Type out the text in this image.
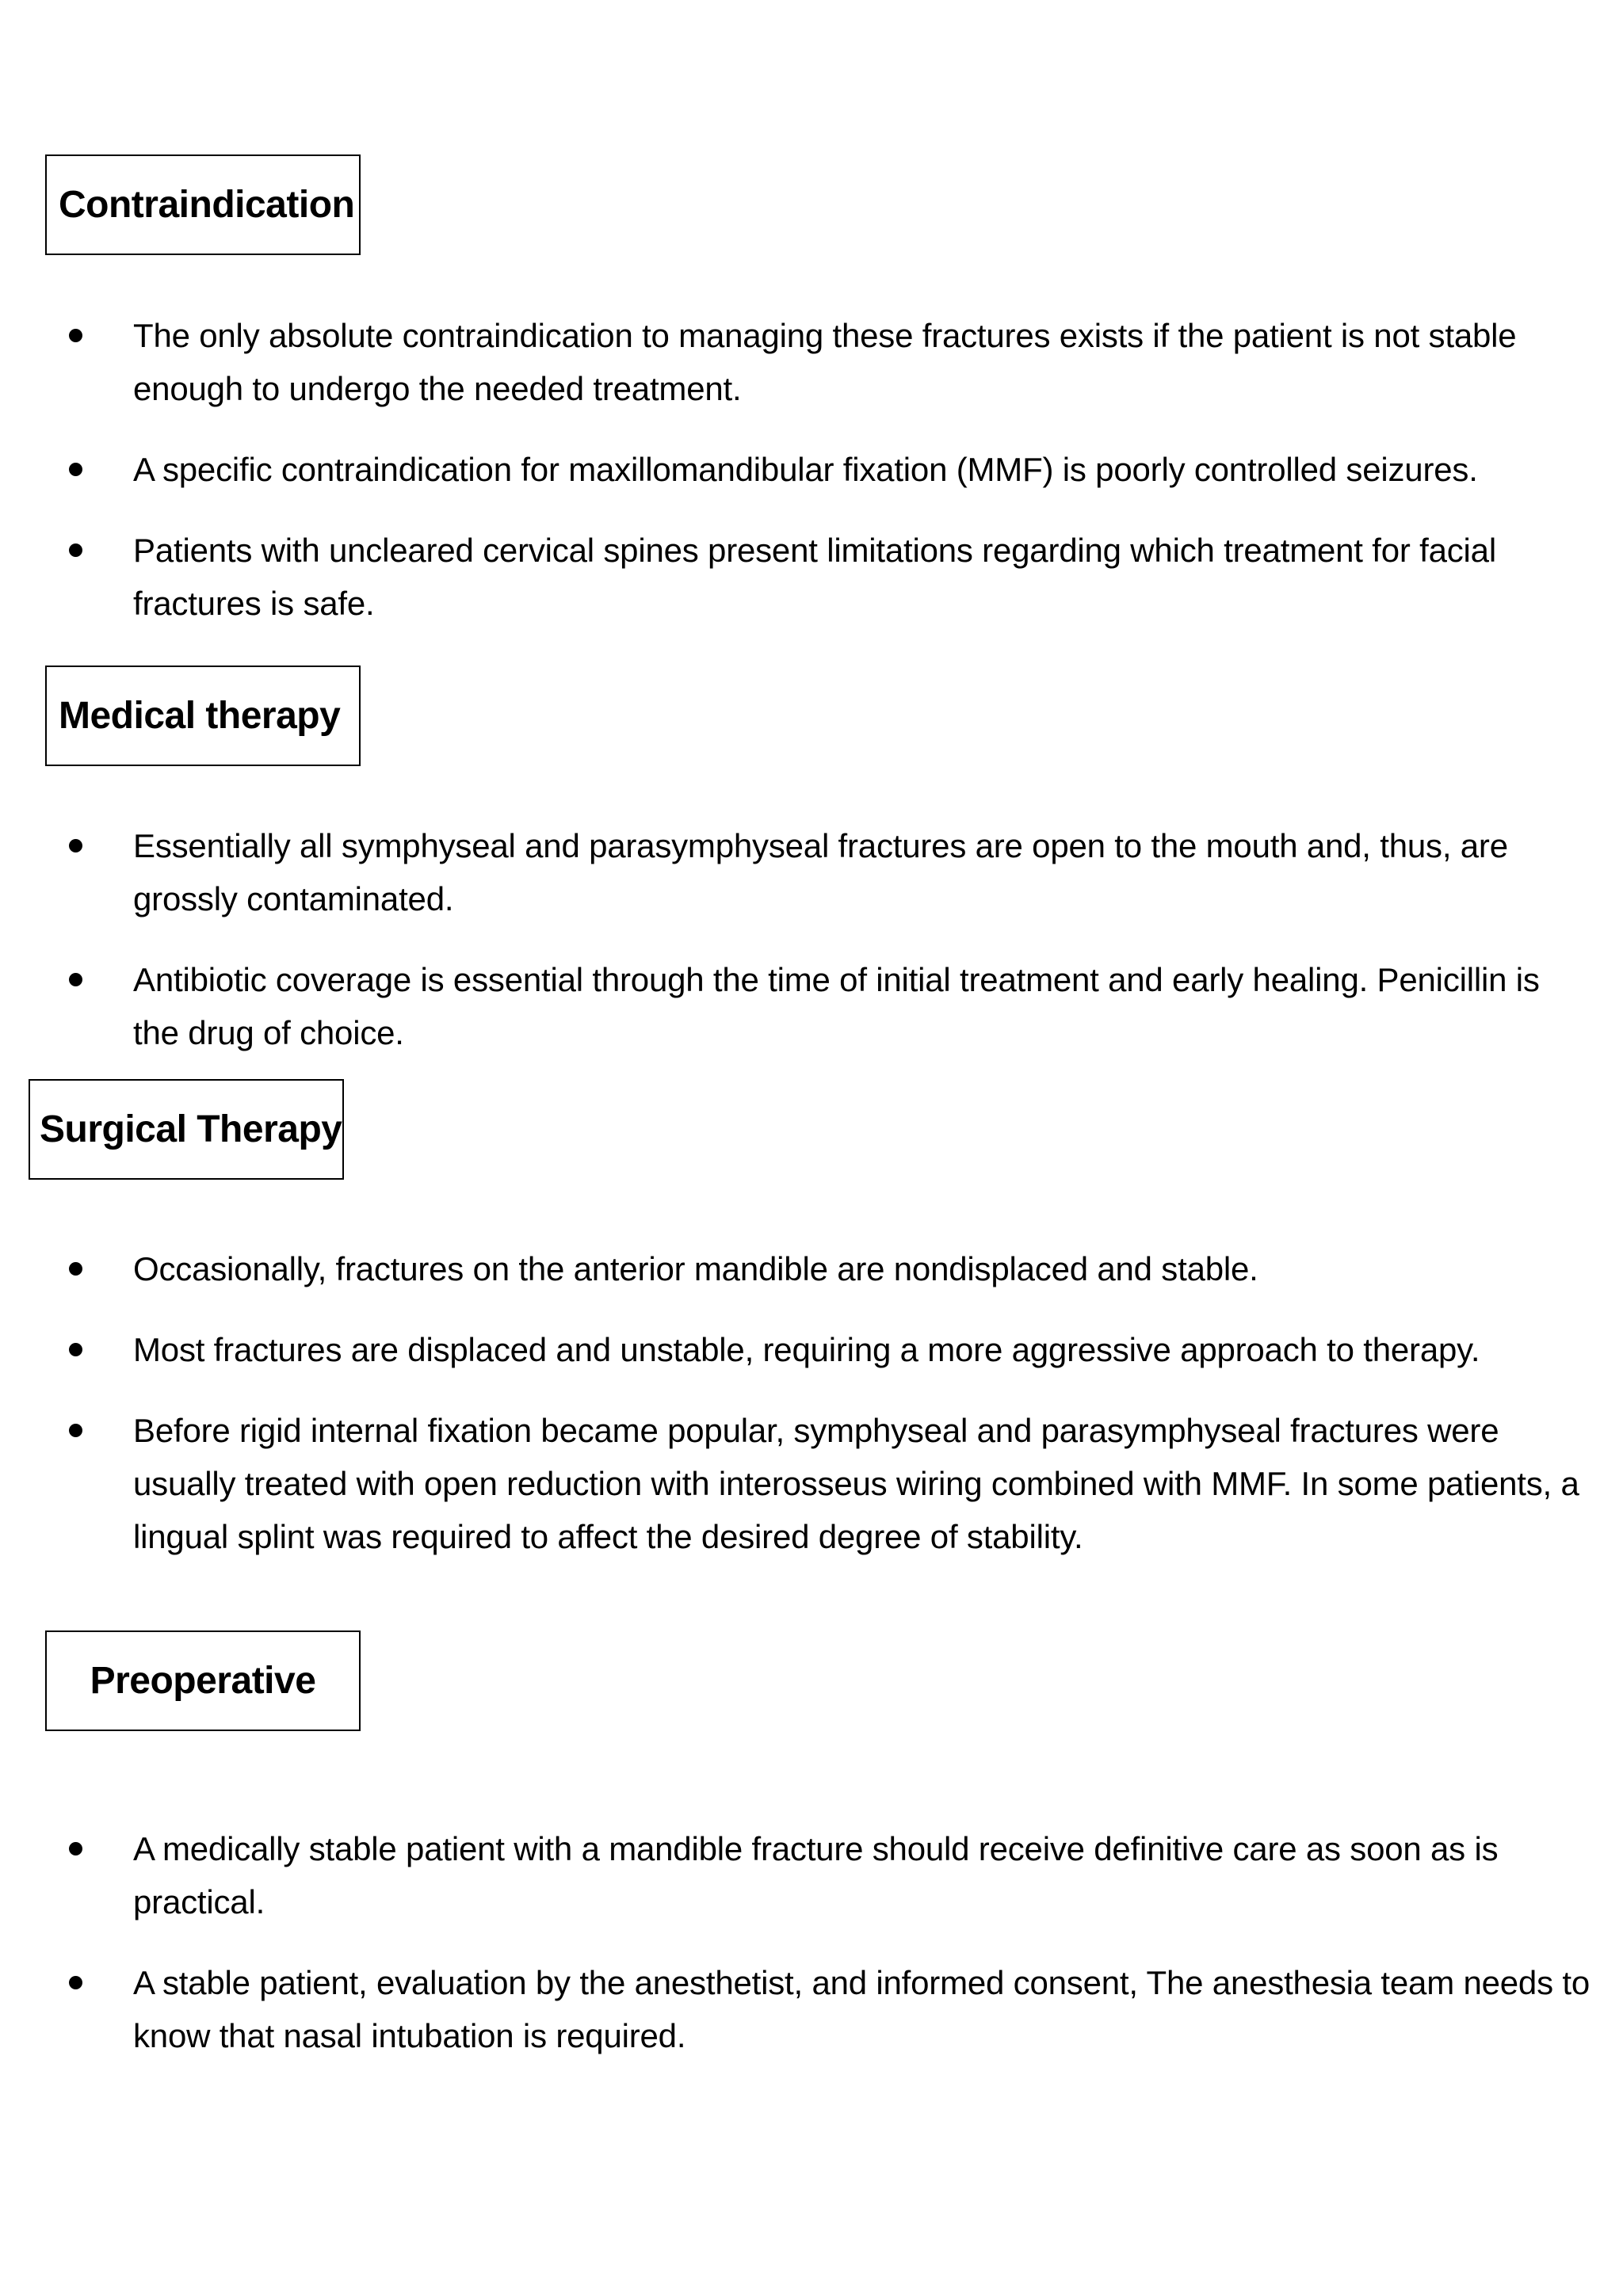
Contraindication
The only absolute contraindication to managing these fractures exists if the patient is not stable enough to undergo the needed treatment.
A specific contraindication for maxillomandibular fixation (MMF) is poorly controlled seizures.
Patients with uncleared cervical spines present limitations regarding which treatment for facial fractures is safe.
Medical therapy
Essentially all symphyseal and parasymphyseal fractures are open to the mouth and, thus, are grossly contaminated.
Antibiotic coverage is essential through the time of initial treatment and early healing. Penicillin is the drug of choice.
Surgical Therapy
Occasionally, fractures on the anterior mandible are nondisplaced and stable.
Most fractures are displaced and unstable, requiring a more aggressive approach to therapy.
Before rigid internal fixation became popular, symphyseal and parasymphyseal fractures were usually treated with open reduction with interosseus wiring combined with MMF. In some patients, a lingual splint was required to affect the desired degree of stability.
Preoperative
A medically stable patient with a mandible fracture should receive definitive care as soon as is practical.
A stable patient, evaluation by the anesthetist, and informed consent, The anesthesia team needs to know that nasal intubation is required.
